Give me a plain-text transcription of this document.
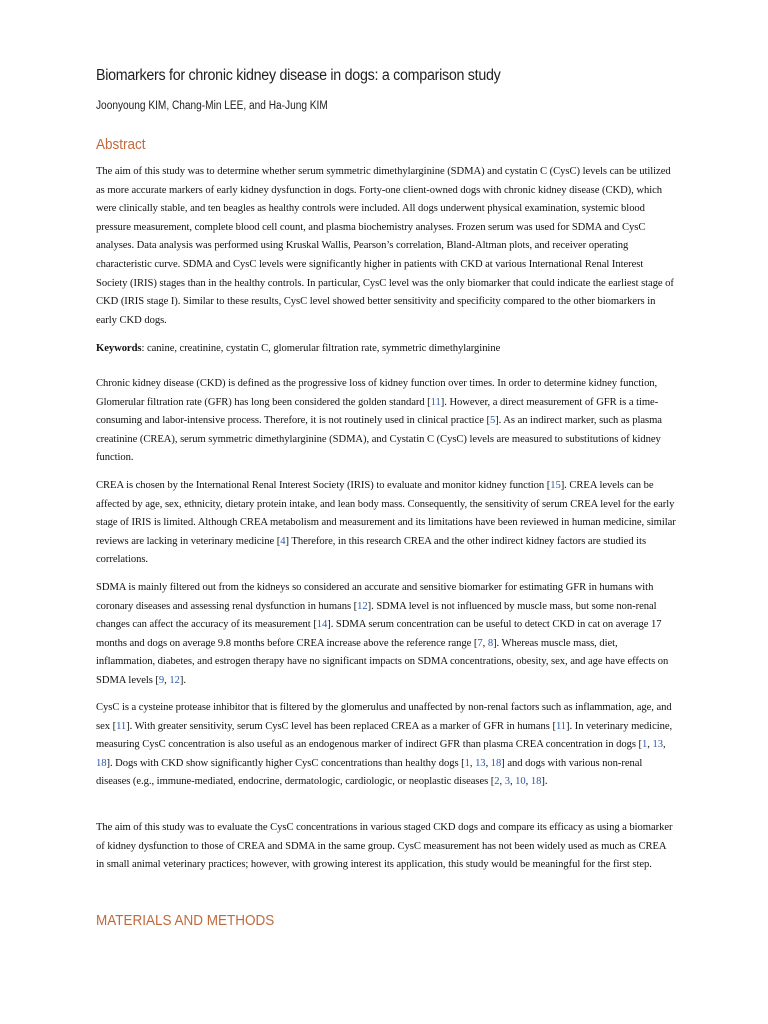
Biomarkers for chronic kidney disease in dogs: a comparison study

Joonyoung KIM, Chang-Min LEE, and Ha-Jung KIM

Abstract

The aim of this study was to determine whether serum symmetric dimethylarginine (SDMA) and cystatin C (CysC) levels can be utilized as more accurate markers of early kidney dysfunction in dogs. Forty-one client-owned dogs with chronic kidney disease (CKD), which were clinically stable, and ten beagles as healthy controls were included. All dogs underwent physical examination, systemic blood pressure measurement, complete blood cell count, and plasma biochemistry analyses. Frozen serum was used for SDMA and CysC analyses. Data analysis was performed using Kruskal Wallis, Pearson’s correlation, Bland-Altman plots, and receiver operating characteristic curve. SDMA and CysC levels were significantly higher in patients with CKD at various International Renal Interest Society (IRIS) stages than in the healthy controls. In particular, CysC level was the only biomarker that could indicate the earliest stage of CKD (IRIS stage I). Similar to these results, CysC level showed better sensitivity and specificity compared to the other biomarkers in early CKD dogs.

Keywords: canine, creatinine, cystatin C, glomerular filtration rate, symmetric dimethylarginine

Chronic kidney disease (CKD) is defined as the progressive loss of kidney function over times. In order to determine kidney function, Glomerular filtration rate (GFR) has long been considered the golden standard [11]. However, a direct measurement of GFR is a time-consuming and labor-intensive process. Therefore, it is not routinely used in clinical practice [5]. As an indirect marker, such as plasma creatinine (CREA), serum symmetric dimethylarginine (SDMA), and Cystatin C (CysC) levels are measured to substitutions of kidney function.

CREA is chosen by the International Renal Interest Society (IRIS) to evaluate and monitor kidney function [15]. CREA levels can be affected by age, sex, ethnicity, dietary protein intake, and lean body mass. Consequently, the sensitivity of serum CREA level for the early stage of IRIS is limited. Although CREA metabolism and measurement and its limitations have been reviewed in human medicine, similar reviews are lacking in veterinary medicine [4] Therefore, in this research CREA and the other indirect kidney factors are studied its correlations.

SDMA is mainly filtered out from the kidneys so considered an accurate and sensitive biomarker for estimating GFR in humans with coronary diseases and assessing renal dysfunction in humans [12]. SDMA level is not influenced by muscle mass, but some non-renal changes can affect the accuracy of its measurement [14]. SDMA serum concentration can be useful to detect CKD in cat on average 17 months and dogs on average 9.8 months before CREA increase above the reference range [7, 8]. Whereas muscle mass, diet, inflammation, diabetes, and estrogen therapy have no significant impacts on SDMA concentrations, obesity, sex, and age have effects on SDMA levels [9, 12].

CysC is a cysteine protease inhibitor that is filtered by the glomerulus and unaffected by non-renal factors such as inflammation, age, and sex [11]. With greater sensitivity, serum CysC level has been replaced CREA as a marker of GFR in humans [11]. In veterinary medicine, measuring CysC concentration is also useful as an endogenous marker of indirect GFR than plasma CREA concentration in dogs [1, 13, 18]. Dogs with CKD show significantly higher CysC concentrations than healthy dogs [1, 13, 18] and dogs with various non-renal diseases (e.g., immune-mediated, endocrine, dermatologic, cardiologic, or neoplastic diseases [2, 3, 10, 18].

The aim of this study was to evaluate the CysC concentrations in various staged CKD dogs and compare its efficacy as using a biomarker of kidney dysfunction to those of CREA and SDMA in the same group. CysC measurement has not been widely used as much as CREA in small animal veterinary practices; however, with growing interest its application, this study would be meaningful for the first step.

MATERIALS AND METHODS
